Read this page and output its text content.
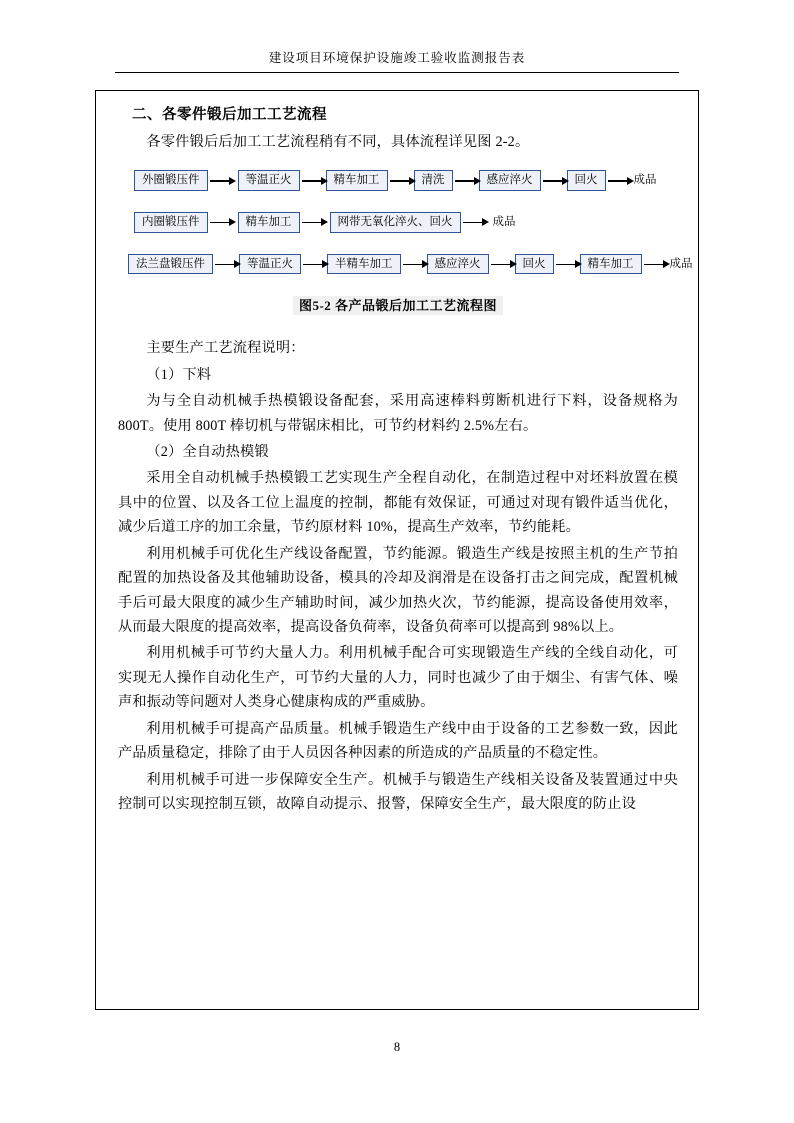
建设项目环境保护设施竣工验收监测报告表
二、各零件锻后加工工艺流程

各零件锻后后加工工艺流程稍有不同，具体流程详见图 2-2。

外圈锻压件	等温正火	精车加工	清洗	感应淬火	回火	成品
内圈锻压件	精车加工	网带无氧化淬火、回火	成品
法兰盘锻压件	等温正火	半精车加工	感应淬火	回火	精车加工	成品
图5-2 各产品锻后加工工艺流程图

主要生产工艺流程说明：

（1）下料

为与全自动机械手热模锻设备配套，采用高速棒料剪断机进行下料，设备规格为 800T。使用 800T 棒切机与带锯床相比，可节约材料约 2.5%左右。

（2）全自动热模锻

采用全自动机械手热模锻工艺实现生产全程自动化，在制造过程中对坯料放置在模具中的位置、以及各工位上温度的控制，都能有效保证，可通过对现有锻件适当优化，减少后道工序的加工余量，节约原材料 10%，提高生产效率，节约能耗。

利用机械手可优化生产线设备配置，节约能源。锻造生产线是按照主机的生产节拍配置的加热设备及其他辅助设备，模具的冷却及润滑是在设备打击之间完成，配置机械手后可最大限度的减少生产辅助时间，减少加热火次，节约能源，提高设备使用效率，从而最大限度的提高效率，提高设备负荷率，设备负荷率可以提高到 98%以上。

利用机械手可节约大量人力。利用机械手配合可实现锻造生产线的全线自动化，可实现无人操作自动化生产，可节约大量的人力，同时也减少了由于烟尘、有害气体、噪声和振动等问题对人类身心健康构成的严重威胁。

利用机械手可提高产品质量。机械手锻造生产线中由于设备的工艺参数一致，因此产品质量稳定，排除了由于人员因各种因素的所造成的产品质量的不稳定性。

利用机械手可进一步保障安全生产。机械手与锻造生产线相关设备及装置通过中央控制可以实现控制互锁，故障自动提示、报警，保障安全生产，最大限度的防止设

8
